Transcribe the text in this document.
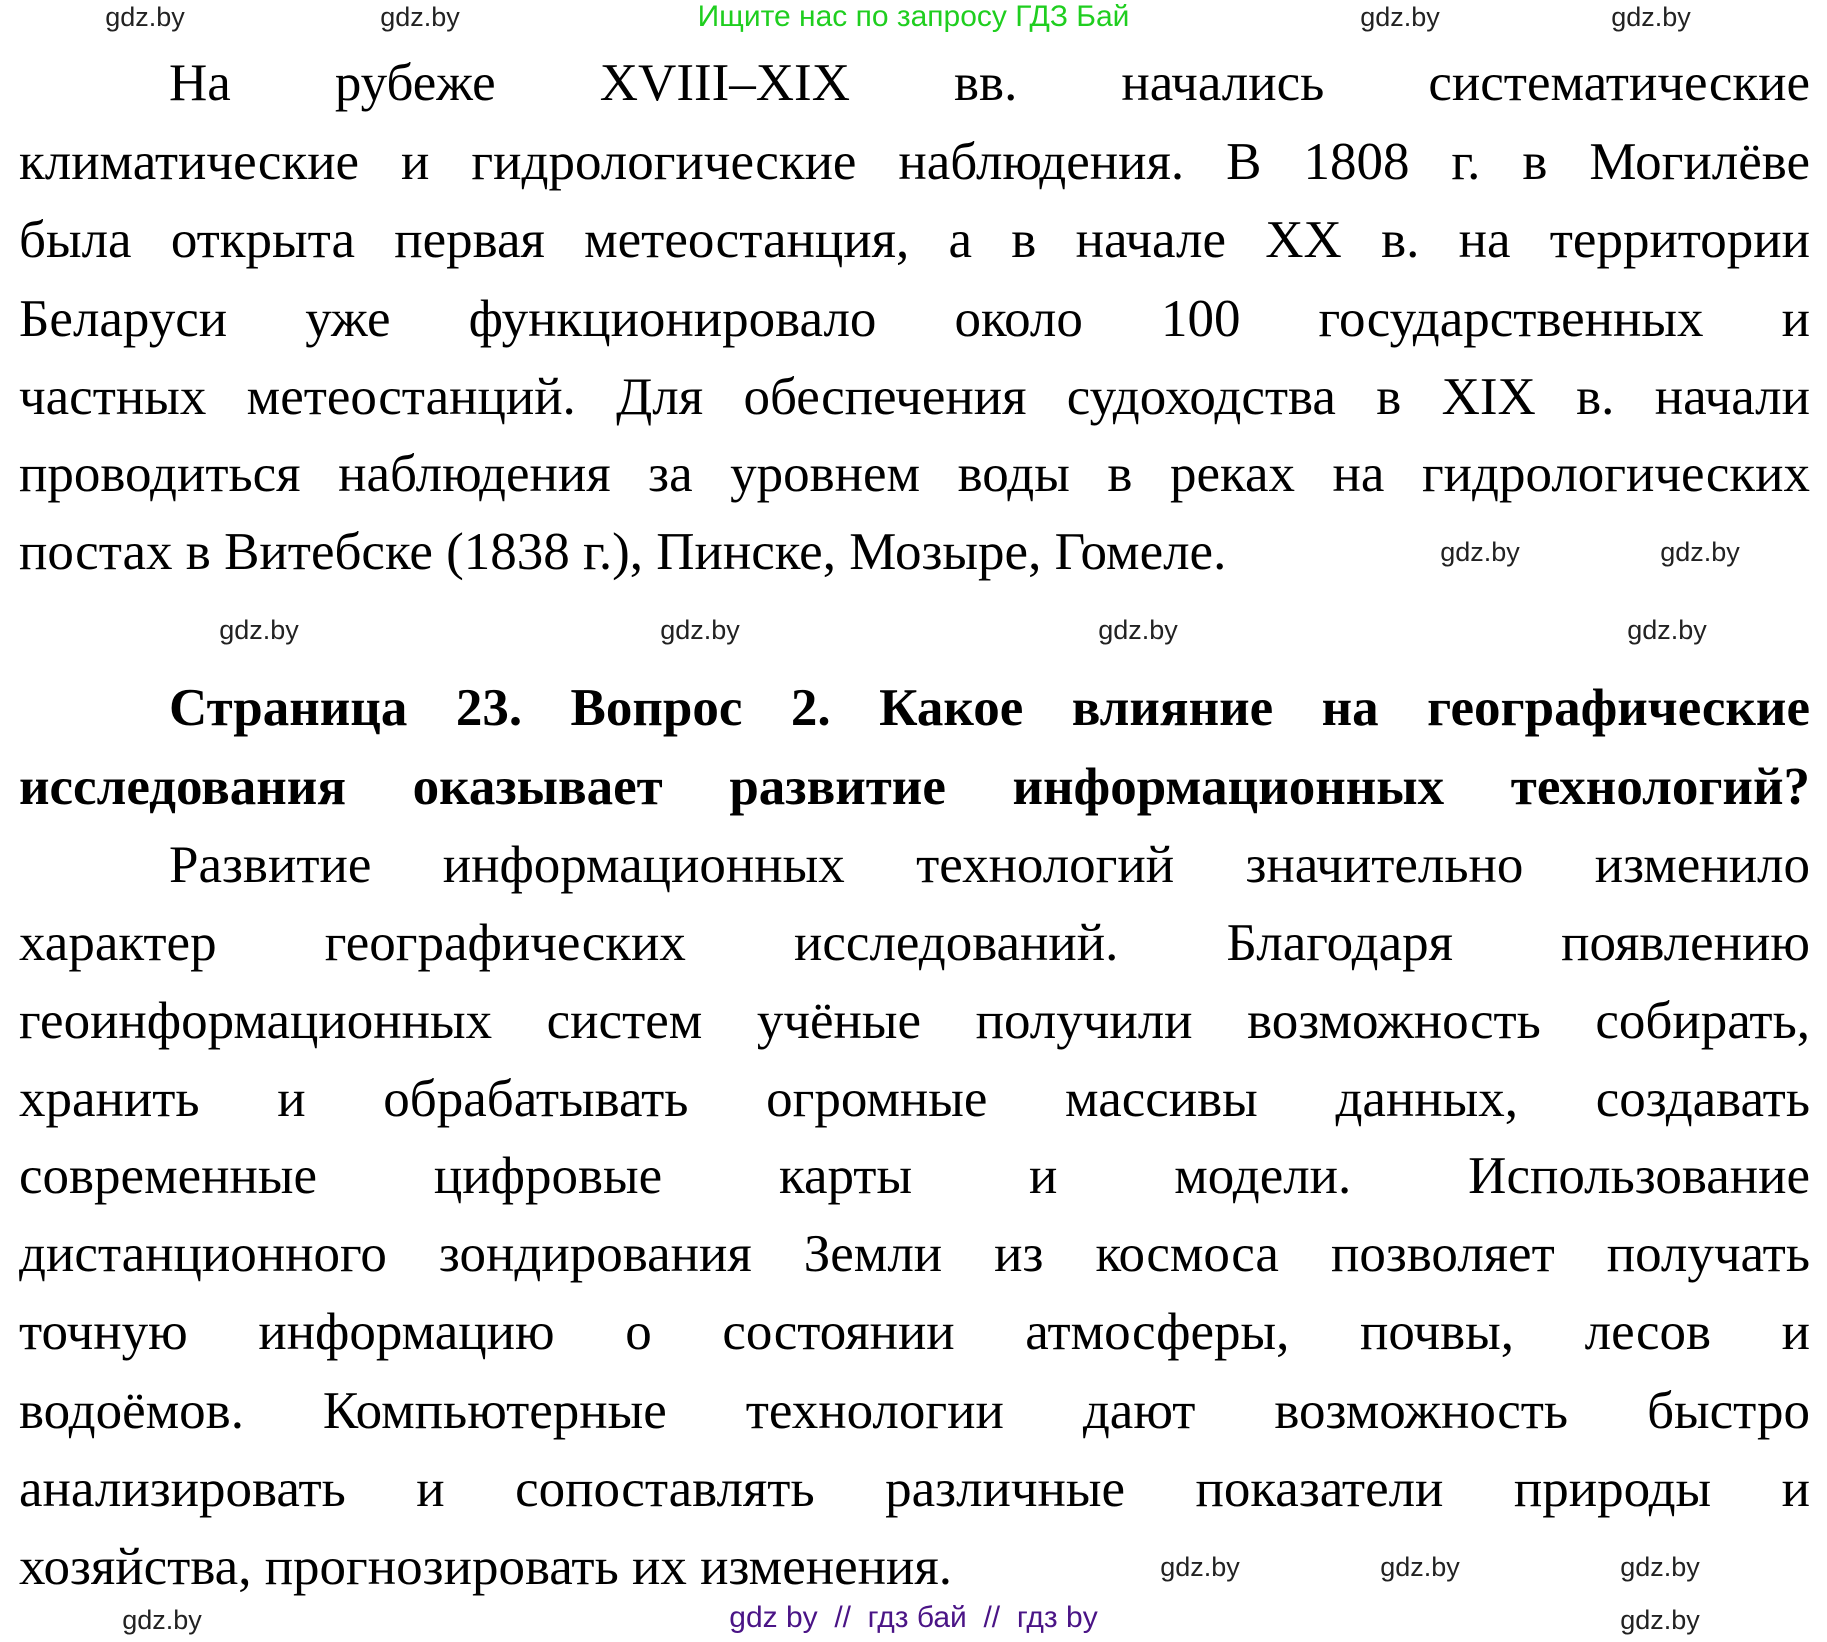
Ищите нас по запросу ГДЗ Бай
На рубеже XVIII–XIX вв. начались систематические
климатические и гидрологические наблюдения. В 1808 г. в Могилёве
была открыта первая метеостанция, а в начале XX в. на территории
Беларуси уже функционировало около 100 государственных и
частных метеостанций. Для обеспечения судоходства в XIX в. начали
проводиться наблюдения за уровнем воды в реках на гидрологических
постах в Витебске (1838 г.), Пинске, Мозыре, Гомеле.
Страница 23. Вопрос 2. Какое влияние на географические
исследования оказывает развитие информационных технологий?
Развитие информационных технологий значительно изменило
характер географических исследований. Благодаря появлению
геоинформационных систем учёные получили возможность собирать,
хранить и обрабатывать огромные массивы данных, создавать
современные цифровые карты и модели. Использование
дистанционного зондирования Земли из космоса позволяет получать
точную информацию о состоянии атмосферы, почвы, лесов и
водоёмов. Компьютерные технологии дают возможность быстро
анализировать и сопоставлять различные показатели природы и
хозяйства, прогнозировать их изменения.
gdz.by	gdz.by	gdz.by	gdz.by
gdz.by	gdz.by
gdz.by	gdz.by	gdz.by	gdz.by
gdz.by	gdz.by	gdz.by
gdz.by	gdz.by
gdz by  //  гдз бай  //  гдз by
